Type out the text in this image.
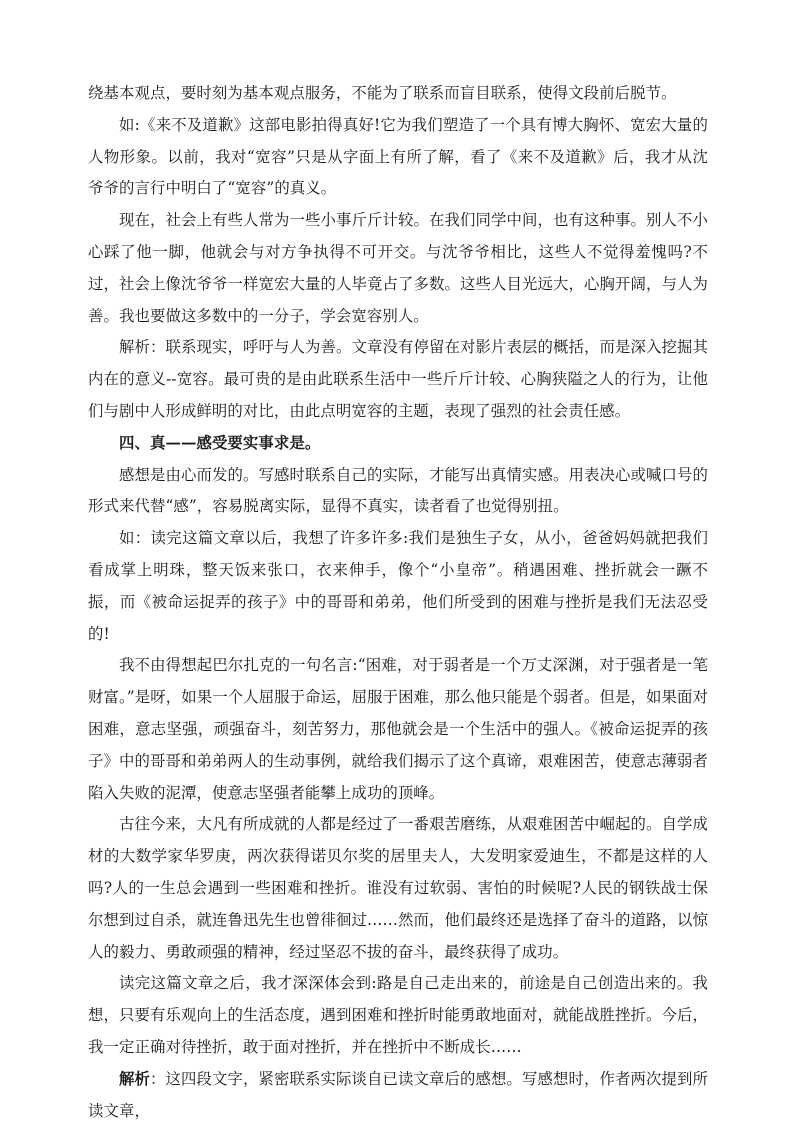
绕基本观点，要时刻为基本观点服务，不能为了联系而盲目联系，使得文段前后脱节。

如:《来不及道歉》这部电影拍得真好!它为我们塑造了一个具有博大胸怀、宽宏大量的人物形象。以前，我对“宽容”只是从字面上有所了解，看了《来不及道歉》后，我才从沈爷爷的言行中明白了“宽容”的真义。

现在，社会上有些人常为一些小事斤斤计较。在我们同学中间，也有这种事。别人不小心踩了他一脚，他就会与对方争执得不可开交。与沈爷爷相比，这些人不觉得羞愧吗?不过，社会上像沈爷爷一样宽宏大量的人毕竟占了多数。这些人目光远大，心胸开阔，与人为善。我也要做这多数中的一分子，学会宽容别人。

解析：联系现实，呼吁与人为善。文章没有停留在对影片表层的概括，而是深入挖掘其内在的意义--宽容。最可贵的是由此联系生活中一些斤斤计较、心胸狭隘之人的行为，让他们与剧中人形成鲜明的对比，由此点明宽容的主题，表现了强烈的社会责任感。

四、真——感受要实事求是。

感想是由心而发的。写感时联系自己的实际，才能写出真情实感。用表决心或喊口号的形式来代替“感”，容易脱离实际，显得不真实，读者看了也觉得别扭。

如：读完这篇文章以后，我想了许多许多:我们是独生子女，从小，爸爸妈妈就把我们看成掌上明珠，整天饭来张口，衣来伸手，像个“小皇帝”。稍遇困难、挫折就会一蹶不振，而《被命运捉弄的孩子》中的哥哥和弟弟，他们所受到的困难与挫折是我们无法忍受的!

我不由得想起巴尔扎克的一句名言:“困难，对于弱者是一个万丈深渊，对于强者是一笔财富。”是呀，如果一个人屈服于命运，屈服于困难，那么他只能是个弱者。但是，如果面对困难，意志坚强，顽强奋斗，刻苦努力，那他就会是一个生活中的强人。《被命运捉弄的孩子》中的哥哥和弟弟两人的生动事例，就给我们揭示了这个真谛，艰难困苦，使意志薄弱者陷入失败的泥潭，使意志坚强者能攀上成功的顶峰。

古往今来，大凡有所成就的人都是经过了一番艰苦磨练，从艰难困苦中崛起的。自学成材的大数学家华罗庚，两次获得诺贝尔奖的居里夫人，大发明家爱迪生，不都是这样的人吗?人的一生总会遇到一些困难和挫折。谁没有过软弱、害怕的时候呢?人民的钢铁战士保尔想到过自杀，就连鲁迅先生也曾徘徊过……然而，他们最终还是选择了奋斗的道路，以惊人的毅力、勇敢顽强的精神，经过坚忍不拔的奋斗，最终获得了成功。

读完这篇文章之后，我才深深体会到:路是自己走出来的，前途是自己创造出来的。我想，只要有乐观向上的生活态度，遇到困难和挫折时能勇敢地面对，就能战胜挫折。今后，我一定正确对待挫折，敢于面对挫折，并在挫折中不断成长……

解析：这四段文字，紧密联系实际谈自已读文章后的感想。写感想时，作者两次提到所读文章，
